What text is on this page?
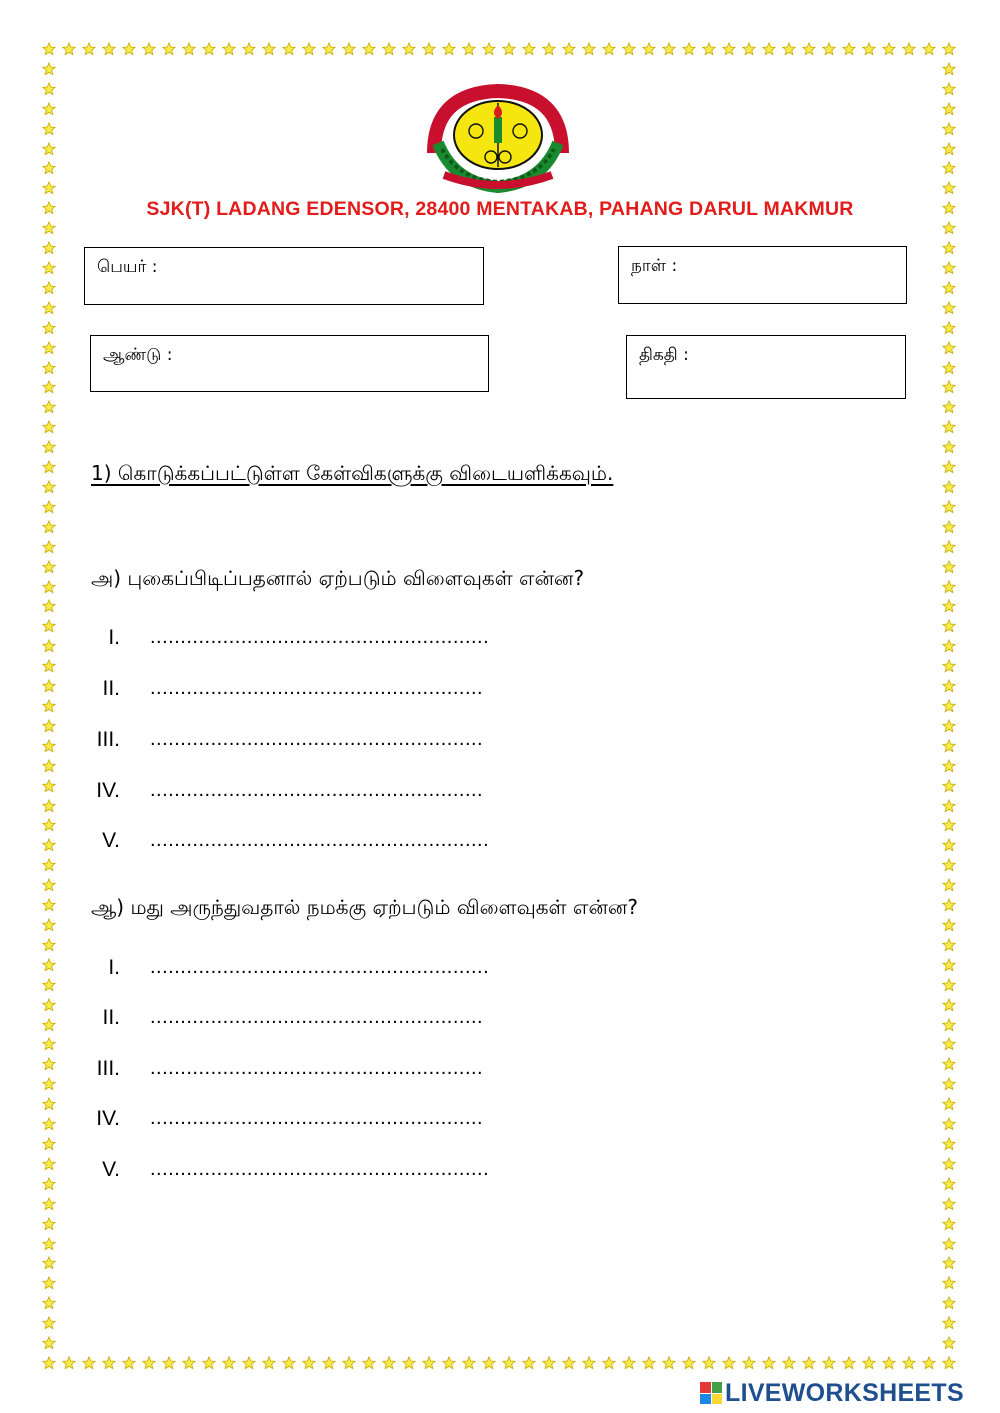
SJK(T) LADANG EDENSOR, 28400 MENTAKAB, PAHANG DARUL MAKMUR
பெயர் :	நாள் :
ஆண்டு :	திகதி :
1) கொடுக்கப்பட்டுள்ள கேள்விகளுக்கு விடையளிக்கவும்.
அ) புகைப்பிடிப்பதனால் ஏற்படும் விளைவுகள் என்ன?
I. ........................................................
II. .......................................................
III. .......................................................
IV. .......................................................
V. ........................................................
ஆ) மது அருந்துவதால் நமக்கு ஏற்படும் விளைவுகள் என்ன?
I. ........................................................
II. .......................................................
III. .......................................................
IV. .......................................................
V. ........................................................
LIVEWORKSHEETS
